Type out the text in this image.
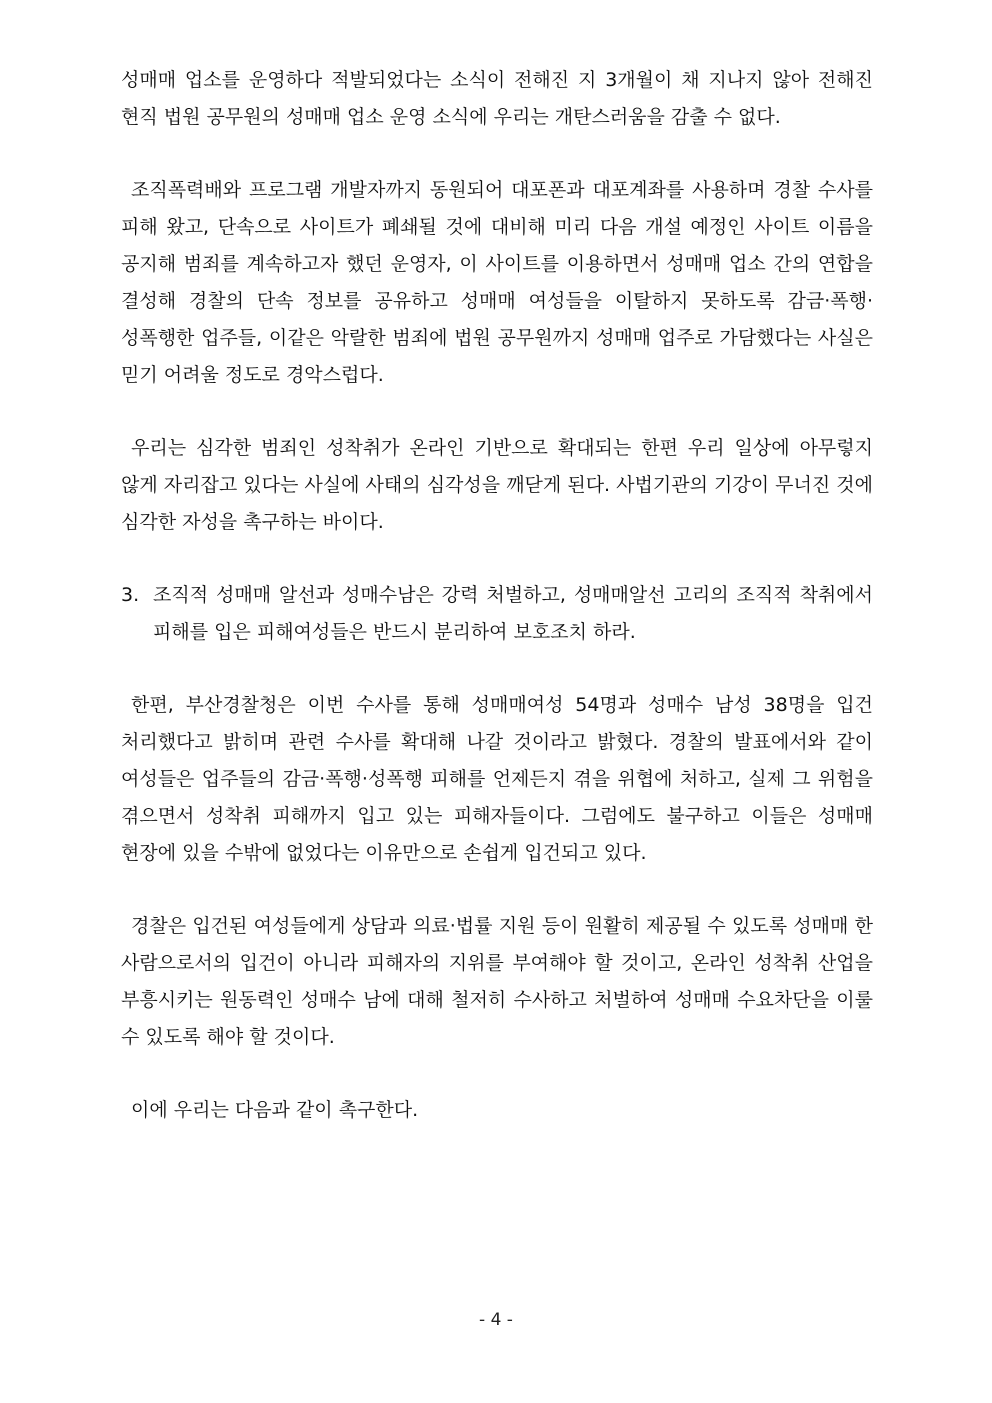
성매매 업소를 운영하다 적발되었다는 소식이 전해진 지 3개월이 채 지나지 않아 전해진 현직 법원 공무원의 성매매 업소 운영 소식에 우리는 개탄스러움을 감출 수 없다.

조직폭력배와 프로그램 개발자까지 동원되어 대포폰과 대포계좌를 사용하며 경찰 수사를 피해 왔고, 단속으로 사이트가 폐쇄될 것에 대비해 미리 다음 개설 예정인 사이트 이름을 공지해 범죄를 계속하고자 했던 운영자, 이 사이트를 이용하면서 성매매 업소 간의 연합을 결성해 경찰의 단속 정보를 공유하고 성매매 여성들을 이탈하지 못하도록 감금·폭행·성폭행한 업주들, 이같은 악랄한 범죄에 법원 공무원까지 성매매 업주로 가담했다는 사실은 믿기 어려울 정도로 경악스럽다.

우리는 심각한 범죄인 성착취가 온라인 기반으로 확대되는 한편 우리 일상에 아무렇지 않게 자리잡고 있다는 사실에 사태의 심각성을 깨닫게 된다. 사법기관의 기강이 무너진 것에 심각한 자성을 촉구하는 바이다.

3. 조직적 성매매 알선과 성매수남은 강력 처벌하고, 성매매알선 고리의 조직적 착취에서 피해를 입은 피해여성들은 반드시 분리하여 보호조치 하라.

한편, 부산경찰청은 이번 수사를 통해 성매매여성 54명과 성매수 남성 38명을 입건 처리했다고 밝히며 관련 수사를 확대해 나갈 것이라고 밝혔다. 경찰의 발표에서와 같이 여성들은 업주들의 감금·폭행·성폭행 피해를 언제든지 겪을 위협에 처하고, 실제 그 위험을 겪으면서 성착취 피해까지 입고 있는 피해자들이다. 그럼에도 불구하고 이들은 성매매 현장에 있을 수밖에 없었다는 이유만으로 손쉽게 입건되고 있다.

경찰은 입건된 여성들에게 상담과 의료·법률 지원 등이 원활히 제공될 수 있도록 성매매 한 사람으로서의 입건이 아니라 피해자의 지위를 부여해야 할 것이고, 온라인 성착취 산업을 부흥시키는 원동력인 성매수 남에 대해 철저히 수사하고 처벌하여 성매매 수요차단을 이룰 수 있도록 해야 할 것이다.

이에 우리는 다음과 같이 촉구한다.

- 4 -
